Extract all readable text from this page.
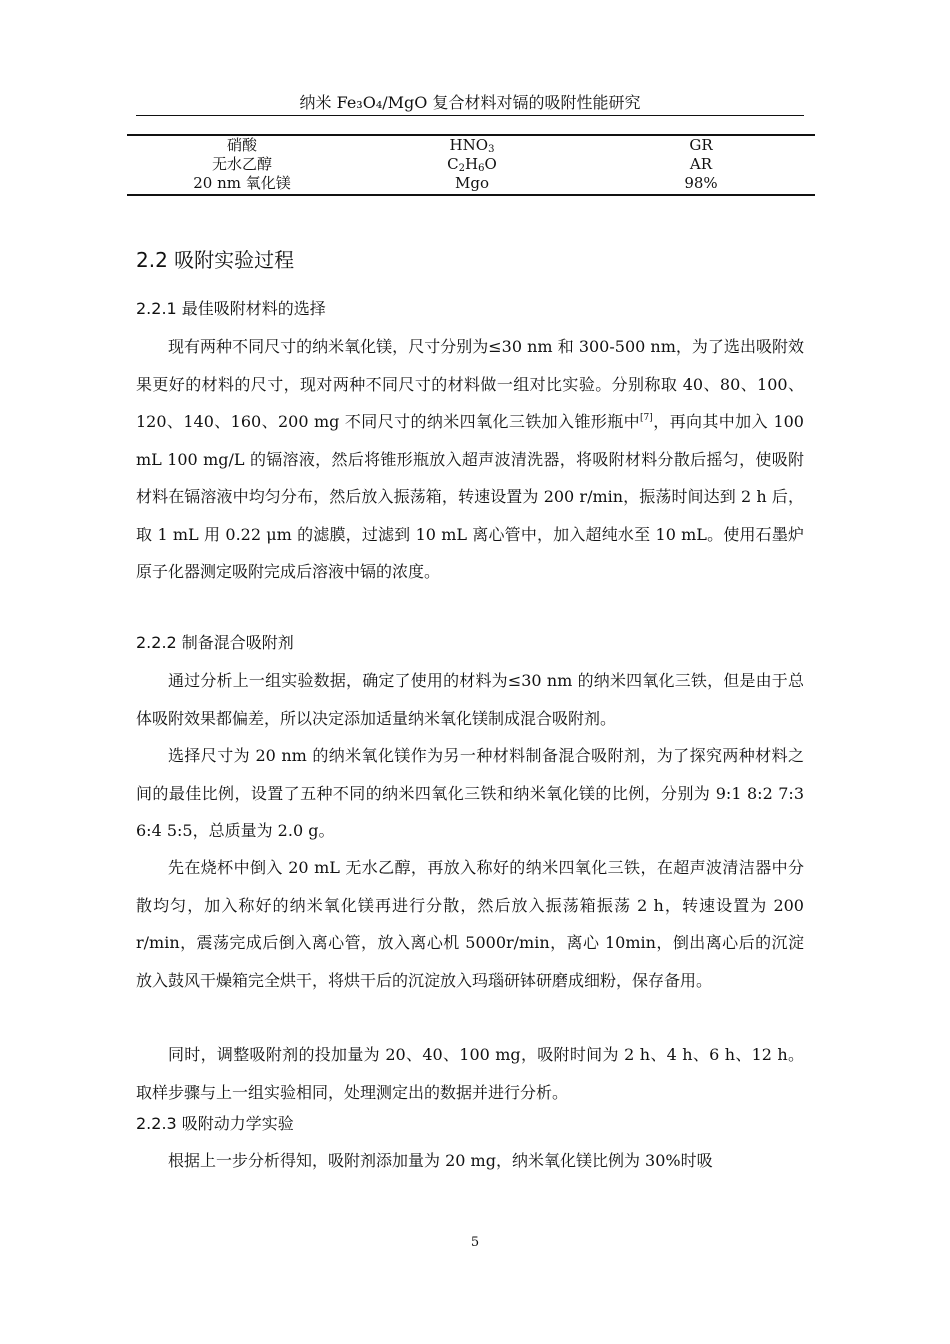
纳米 Fe₃O₄/MgO 复合材料对镉的吸附性能研究
硝酸	$HNO_3$	GR
无水乙醇	$C_2H_6O$	AR
20 nm 氧化镁	Mgo	98%
2.2 吸附实验过程
2.2.1 最佳吸附材料的选择
现有两种不同尺寸的纳米氧化镁，尺寸分别为≤30 nm 和 300-500 nm，为了选出吸附效果更好的材料的尺寸，现对两种不同尺寸的材料做一组对比实验。分别称取 40、80、100、120、140、160、200 mg 不同尺寸的纳米四氧化三铁加入锥形瓶中[7]，再向其中加入 100 mL 100 mg/L 的镉溶液，然后将锥形瓶放入超声波清洗器，将吸附材料分散后摇匀，使吸附材料在镉溶液中均匀分布，然后放入振荡箱，转速设置为 200 r/min，振荡时间达到 2 h 后，取 1 mL 用 0.22 μm 的滤膜，过滤到 10 mL 离心管中，加入超纯水至 10 mL。使用石墨炉原子化器测定吸附完成后溶液中镉的浓度。
2.2.2 制备混合吸附剂
通过分析上一组实验数据，确定了使用的材料为≤30 nm 的纳米四氧化三铁，但是由于总体吸附效果都偏差，所以决定添加适量纳米氧化镁制成混合吸附剂。
选择尺寸为 20 nm 的纳米氧化镁作为另一种材料制备混合吸附剂，为了探究两种材料之间的最佳比例，设置了五种不同的纳米四氧化三铁和纳米氧化镁的比例，分别为 9:1 8:2 7:3 6:4 5:5，总质量为 2.0 g。
先在烧杯中倒入 20 mL 无水乙醇，再放入称好的纳米四氧化三铁，在超声波清洁器中分散均匀，加入称好的纳米氧化镁再进行分散，然后放入振荡箱振荡 2 h，转速设置为 200 r/min，震荡完成后倒入离心管，放入离心机 5000r/min，离心 10min，倒出离心后的沉淀放入鼓风干燥箱完全烘干，将烘干后的沉淀放入玛瑙研钵研磨成细粉，保存备用。
同时，调整吸附剂的投加量为 20、40、100 mg，吸附时间为 2 h、4 h、6 h、12 h。取样步骤与上一组实验相同，处理测定出的数据并进行分析。
2.2.3 吸附动力学实验
根据上一步分析得知，吸附剂添加量为 20 mg，纳米氧化镁比例为 30%时吸
5
